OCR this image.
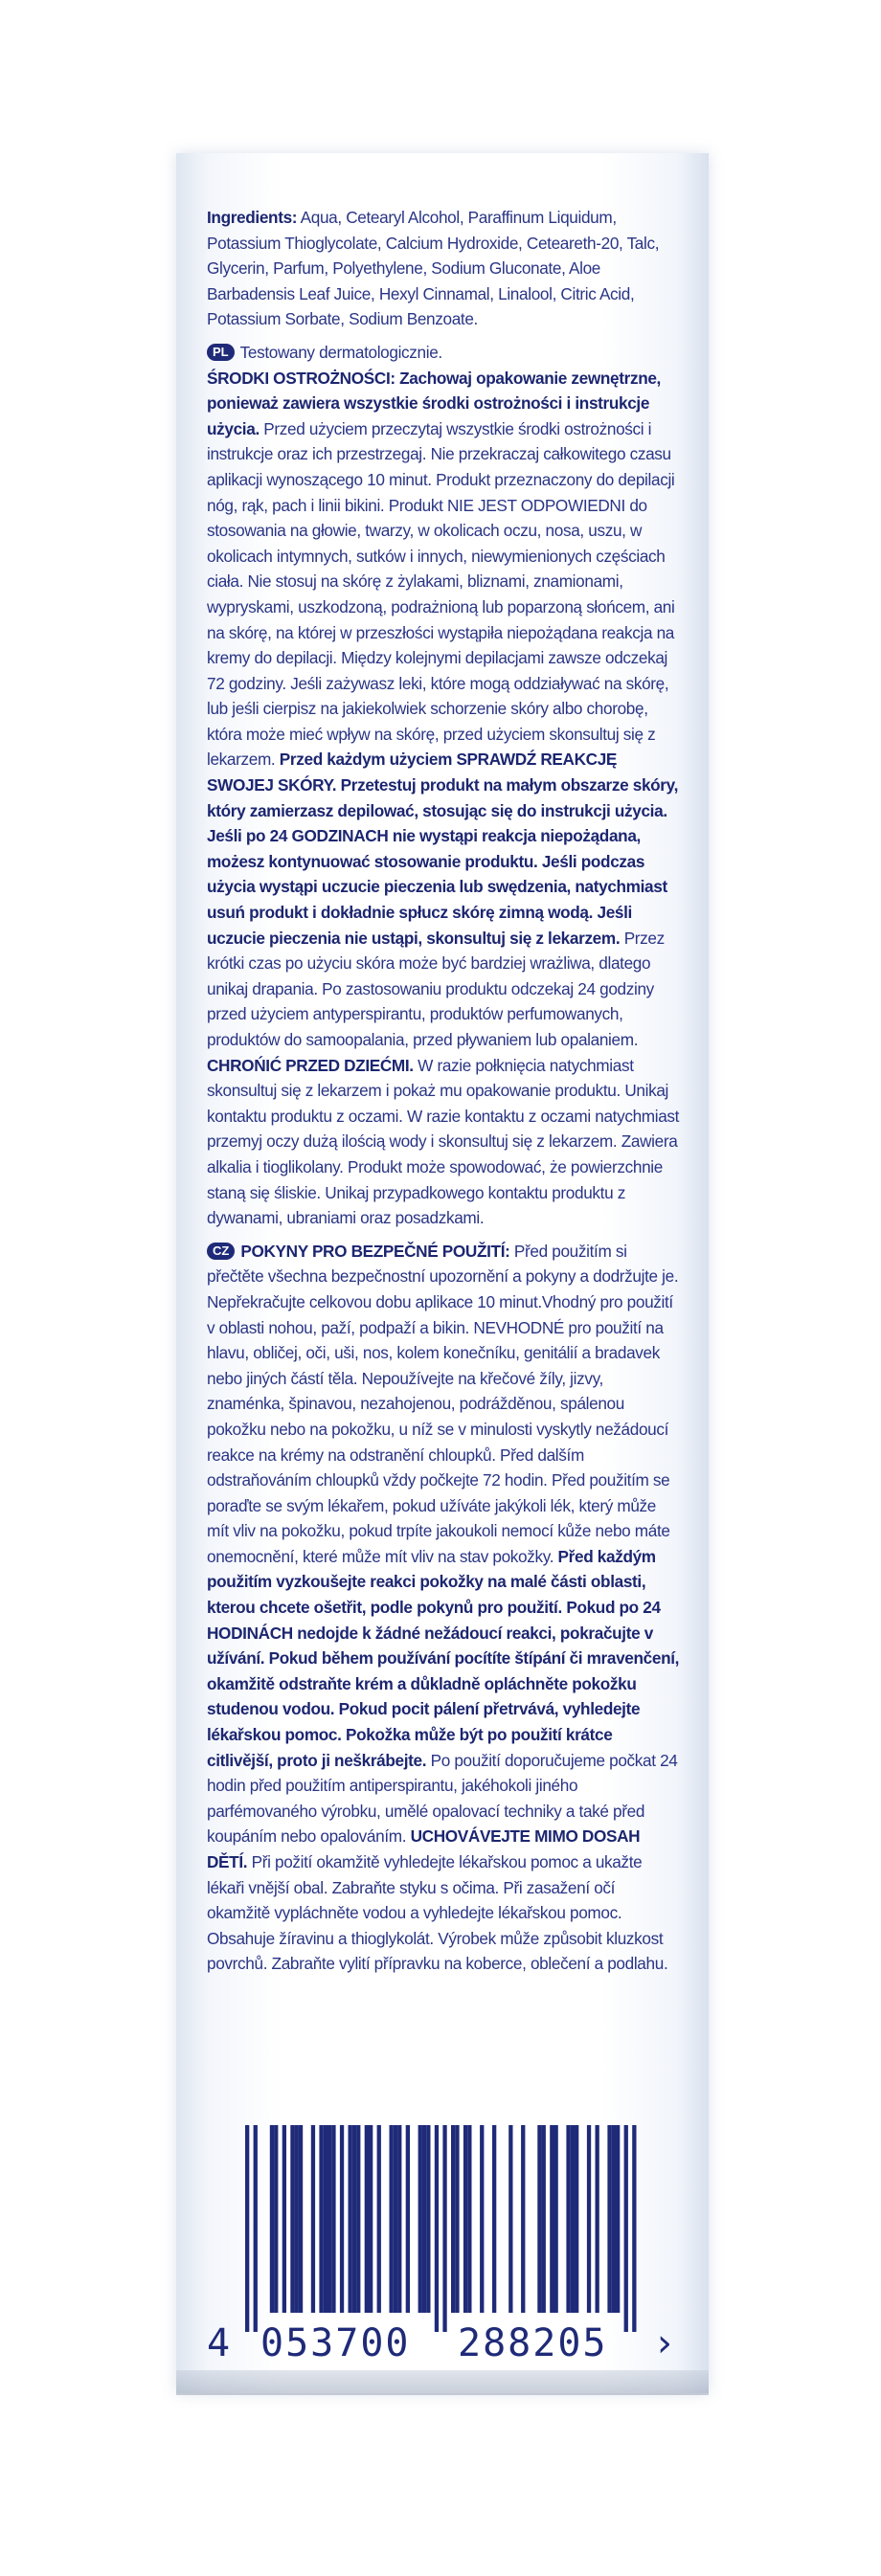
Ingredients: Aqua, Cetearyl Alcohol, Paraffinum Liquidum, Potassium Thioglycolate, Calcium Hydroxide, Ceteareth-20, Talc, Glycerin, Parfum, Polyethylene, Sodium Gluconate, Aloe Barbadensis Leaf Juice, Hexyl Cinnamal, Linalool, Citric Acid, Potassium Sorbate, Sodium Benzoate.

PL Testowany dermatologicznie.
ŚRODKI OSTROŻNOŚCI: Zachowaj opakowanie zewnętrzne, ponieważ zawiera wszystkie środki ostrożności i instrukcje użycia. Przed użyciem przeczytaj wszystkie środki ostrożności i instrukcje oraz ich przestrzegaj. Nie przekraczaj całkowitego czasu aplikacji wynoszącego 10 minut. Produkt przeznaczony do depilacji nóg, rąk, pach i linii bikini. Produkt NIE JEST ODPOWIEDNI do stosowania na głowie, twarzy, w okolicach oczu, nosa, uszu, w okolicach intymnych, sutków i innych, niewymienionych częściach ciała. Nie stosuj na skórę z żylakami, bliznami, znamionami, wypryskami, uszkodzoną, podrażnioną lub poparzoną słońcem, ani na skórę, na której w przeszłości wystąpiła niepożądana reakcja na kremy do depilacji. Między kolejnymi depilacjami zawsze odczekaj 72 godziny. Jeśli zażywasz leki, które mogą oddziaływać na skórę, lub jeśli cierpisz na jakiekolwiek schorzenie skóry albo chorobę, która może mieć wpływ na skórę, przed użyciem skonsultuj się z lekarzem. Przed każdym użyciem SPRAWDŹ REAKCJĘ SWOJEJ SKÓRY. Przetestuj produkt na małym obszarze skóry, który zamierzasz depilować, stosując się do instrukcji użycia. Jeśli po 24 GODZINACH nie wystąpi reakcja niepożądana, możesz kontynuować stosowanie produktu. Jeśli podczas użycia wystąpi uczucie pieczenia lub swędzenia, natychmiast usuń produkt i dokładnie spłucz skórę zimną wodą. Jeśli uczucie pieczenia nie ustąpi, skonsultuj się z lekarzem. Przez krótki czas po użyciu skóra może być bardziej wrażliwa, dlatego unikaj drapania. Po zastosowaniu produktu odczekaj 24 godziny przed użyciem antyperspirantu, produktów perfumowanych, produktów do samoopalania, przed pływaniem lub opalaniem. CHROŃIĆ PRZED DZIEĆMI. W razie połknięcia natychmiast skonsultuj się z lekarzem i pokaż mu opakowanie produktu. Unikaj kontaktu produktu z oczami. W razie kontaktu z oczami natychmiast przemyj oczy dużą ilością wody i skonsultuj się z lekarzem. Zawiera alkalia i tioglikolany. Produkt może spowodować, że powierzchnie staną się śliskie. Unikaj przypadkowego kontaktu produktu z dywanami, ubraniami oraz posadzkami.

CZ POKYNY PRO BEZPEČNÉ POUŽITÍ: Před použitím si přečtěte všechna bezpečnostní upozornění a pokyny a dodržujte je. Nepřekračujte celkovou dobu aplikace 10 minut.Vhodný pro použití v oblasti nohou, paží, podpaží a bikin. NEVHODNÉ pro použití na hlavu, obličej, oči, uši, nos, kolem konečníku, genitálií a bradavek nebo jiných částí těla. Nepoužívejte na křečové žíly, jizvy, znaménka, špinavou, nezahojenou, podrážděnou, spálenou pokožku nebo na pokožku, u níž se v minulosti vyskytly nežádoucí reakce na krémy na odstranění chloupků. Před dalším odstraňováním chloupků vždy počkejte 72 hodin. Před použitím se poraďte se svým lékařem, pokud užíváte jakýkoli lék, který může mít vliv na pokožku, pokud trpíte jakoukoli nemocí kůže nebo máte onemocnění, které může mít vliv na stav pokožky. Před každým použitím vyzkoušejte reakci pokožky na malé části oblasti, kterou chcete ošetřit, podle pokynů pro použití. Pokud po 24 HODINÁCH nedojde k žádné nežádoucí reakci, pokračujte v užívání. Pokud během používání pocítíte štípání či mravenčení, okamžitě odstraňte krém a důkladně opláchněte pokožku studenou vodou. Pokud pocit pálení přetrvává, vyhledejte lékařskou pomoc. Pokožka může být po použití krátce citlivější, proto ji neškrábejte. Po použití doporučujeme počkat 24 hodin před použitím antiperspirantu, jakéhokoli jiného parfémovaného výrobku, umělé opalovací techniky a také před koupáním nebo opalováním. UCHOVÁVEJTE MIMO DOSAH DĚTÍ. Při požití okamžitě vyhledejte lékařskou pomoc a ukažte lékaři vnější obal. Zabraňte styku s očima. Při zasažení očí okamžitě vypláchněte vodou a vyhledejte lékařskou pomoc. Obsahuje žíravinu a thioglykolát. Výrobek může způsobit kluzkost povrchů. Zabraňte vylití přípravku na koberce, oblečení a podlahu.

4

053700

288205

›
